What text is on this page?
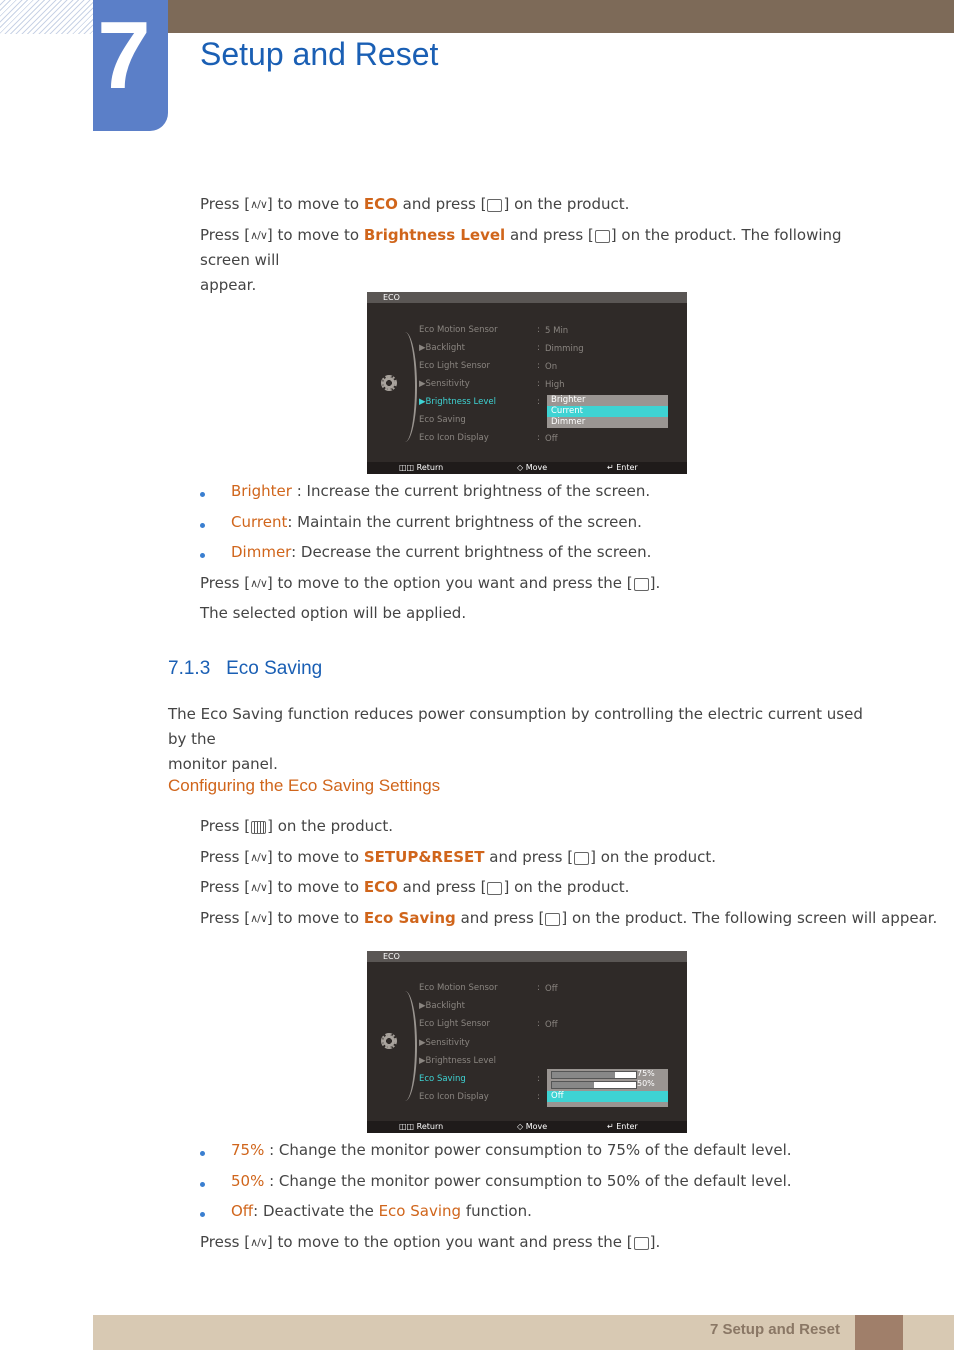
7 Setup and Reset
Press [∧/∨] to move to ECO and press [ ] on the product.
Press [∧/∨] to move to Brightness Level and press [ ] on the product. The following screen will
appear.
ECO
Eco Motion Sensor	: 5 Min
▶Backlight	: Dimming
Eco Light Sensor	: On
▶Sensitivity	: High
▶Brightness Level	:
Eco Saving
Eco Icon Display	: Off
Brighter
Current
Dimmer
◫◫ Return	◇ Move	↵ Enter
Brighter : Increase the current brightness of the screen.
Current: Maintain the current brightness of the screen.
Dimmer: Decrease the current brightness of the screen.
Press [∧/∨] to move to the option you want and press the [ ].
The selected option will be applied.
7.1.3 Eco Saving
The Eco Saving function reduces power consumption by controlling the electric current used by the
monitor panel.
Configuring the Eco Saving Settings
Press [ ] on the product.
Press [∧/∨] to move to SETUP&RESET and press [ ] on the product.
Press [∧/∨] to move to ECO and press [ ] on the product.
Press [∧/∨] to move to Eco Saving and press [ ] on the product. The following screen will appear.
ECO
Eco Motion Sensor	: Off
▶Backlight
Eco Light Sensor	: Off
▶Sensitivity
▶Brightness Level
Eco Saving	:
Eco Icon Display	:
75%
50%
Off
◫◫ Return	◇ Move	↵ Enter
75% : Change the monitor power consumption to 75% of the default level.
50% : Change the monitor power consumption to 50% of the default level.
Off: Deactivate the Eco Saving function.
Press [∧/∨] to move to the option you want and press the [ ].
7 Setup and Reset
